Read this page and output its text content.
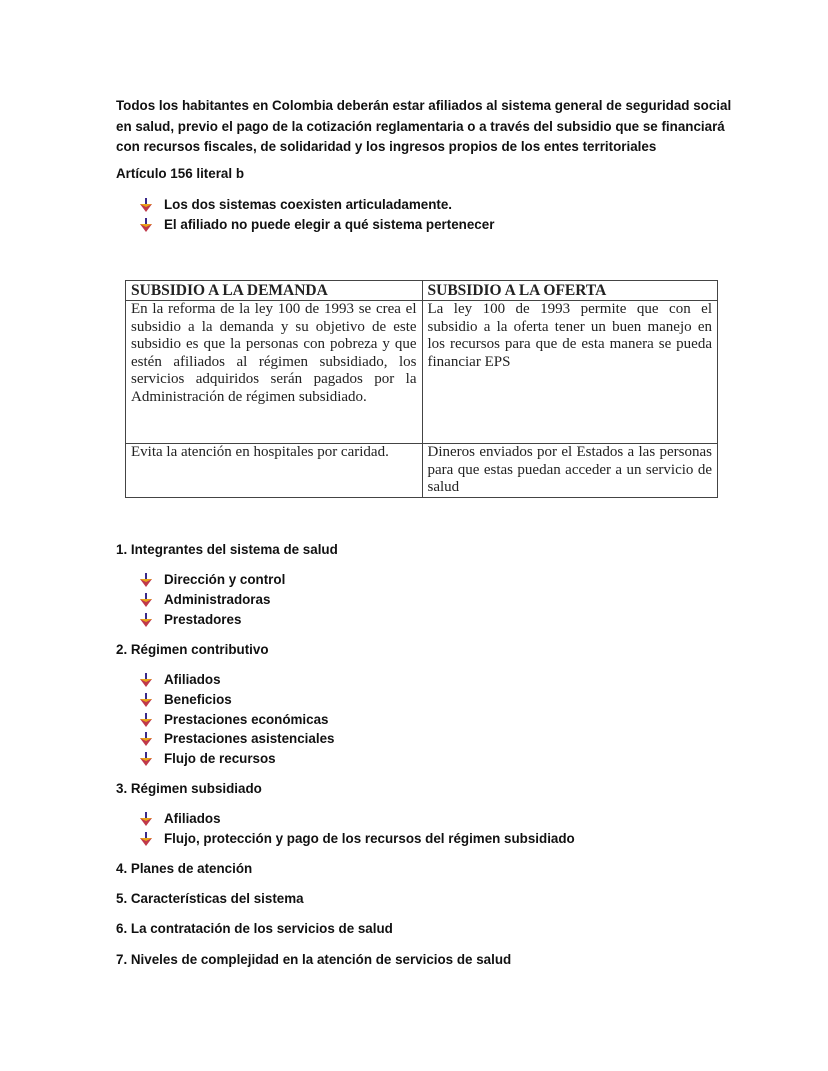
Todos los habitantes en Colombia deberán estar afiliados al sistema general de seguridad social en salud, previo el pago de la cotización reglamentaria o a través del subsidio que se financiará con recursos fiscales, de solidaridad y los ingresos propios de los entes territoriales

Artículo 156 literal b

Los dos sistemas coexisten articuladamente.
El afiliado no puede elegir a qué sistema pertenecer
SUBSIDIO A LA DEMANDA	SUBSIDIO A LA OFERTA
En la reforma de la ley 100 de 1993 se crea el subsidio a la demanda y su objetivo de este subsidio es que la personas con pobreza y que estén afiliados al régimen subsidiado, los servicios adquiridos serán pagados por la Administración de régimen subsidiado.	La ley 100 de 1993 permite que con el subsidio a la oferta tener un buen manejo en los recursos para que de esta manera se pueda financiar EPS
Evita la atención en hospitales por caridad.	Dineros enviados por el Estados a las personas para que estas puedan acceder a un servicio de salud

1. Integrantes del sistema de salud

Dirección y control
Administradoras
Prestadores

2. Régimen contributivo

Afiliados
Beneficios
Prestaciones económicas
Prestaciones asistenciales
Flujo de recursos

3. Régimen subsidiado

Afiliados
Flujo, protección y pago de los recursos del régimen subsidiado

4. Planes de atención

5. Características del sistema

6. La contratación de los servicios de salud

7. Niveles de complejidad en la atención de servicios de salud
